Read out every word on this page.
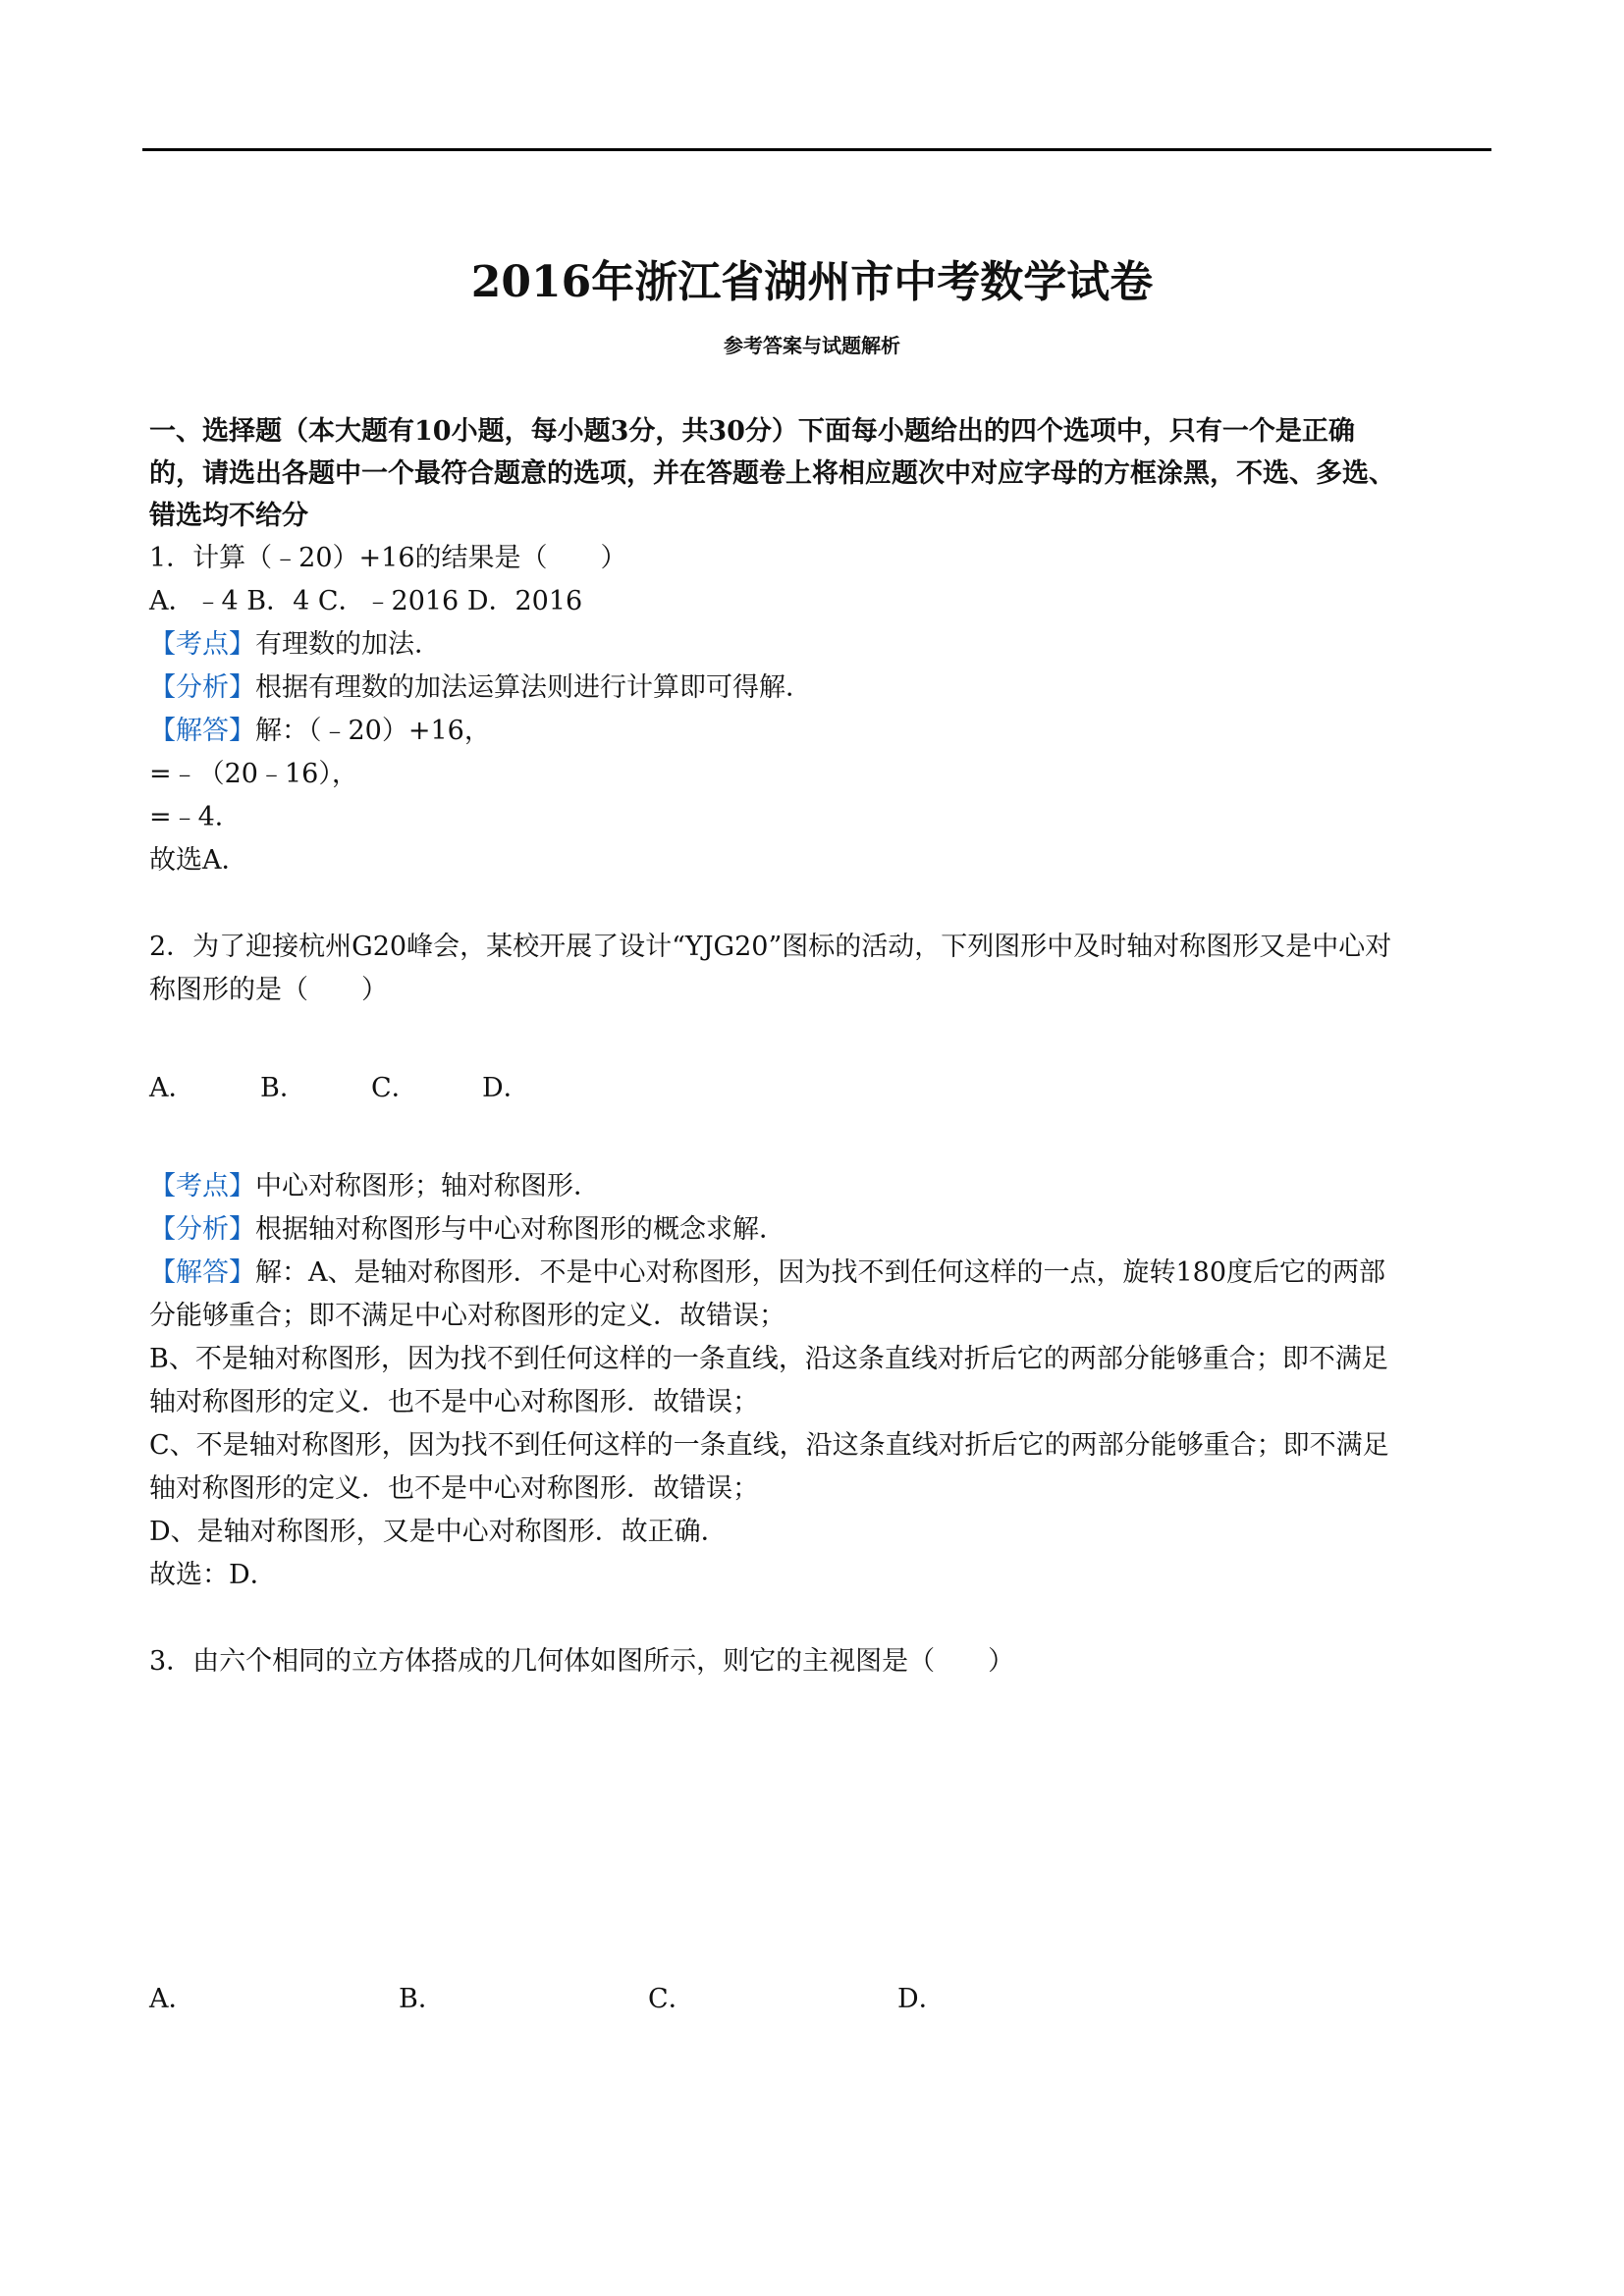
2016年浙江省湖州市中考数学试卷
参考答案与试题解析

一、选择题（本大题有10小题，每小题3分，共30分）下面每小题给出的四个选项中，只有一个是正确

的，请选出各题中一个最符合题意的选项，并在答题卷上将相应题次中对应字母的方框涂黑，不选、多选、

错选均不给分

1．计算（﹣20）+16的结果是（　　）

A．﹣4 B．4 C．﹣2016 D．2016

【考点】有理数的加法．

【分析】根据有理数的加法运算法则进行计算即可得解．

【解答】解：（﹣20）+16，

=﹣（20﹣16），

=﹣4．

故选A．

2．为了迎接杭州G20峰会，某校开展了设计“YJG20”图标的活动，下列图形中及时轴对称图形又是中心对

称图形的是（　　）

A．	B．	C．	D．

【考点】中心对称图形；轴对称图形．

【分析】根据轴对称图形与中心对称图形的概念求解．

【解答】解：A、是轴对称图形．不是中心对称图形，因为找不到任何这样的一点，旋转180度后它的两部

分能够重合；即不满足中心对称图形的定义．故错误；

B、不是轴对称图形，因为找不到任何这样的一条直线，沿这条直线对折后它的两部分能够重合；即不满足

轴对称图形的定义．也不是中心对称图形．故错误；

C、不是轴对称图形，因为找不到任何这样的一条直线，沿这条直线对折后它的两部分能够重合；即不满足

轴对称图形的定义．也不是中心对称图形．故错误；

D、是轴对称图形，又是中心对称图形．故正确．

故选：D．

3．由六个相同的立方体搭成的几何体如图所示，则它的主视图是（　　）

A．	B．	C．	D．
